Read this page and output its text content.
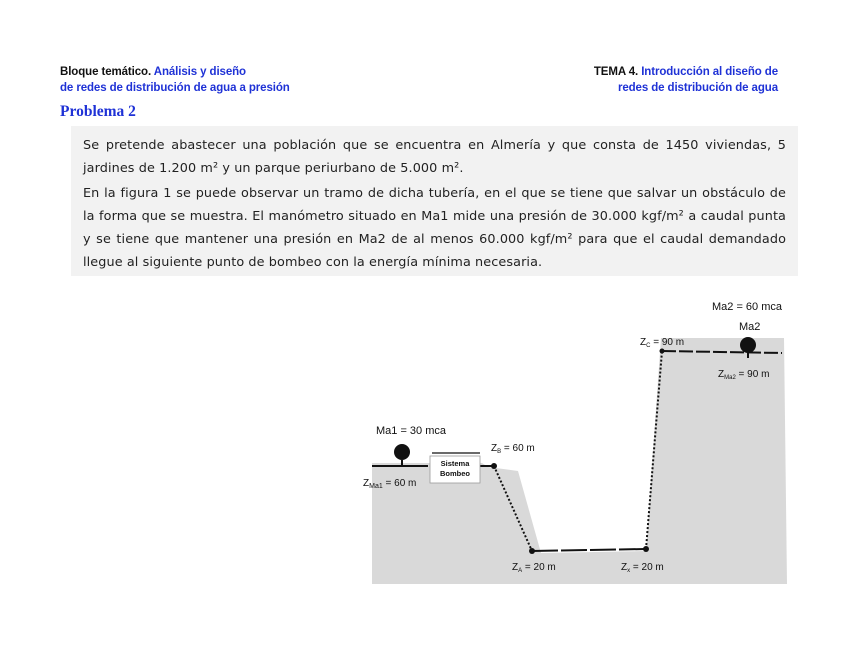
Bloque temático. Análisis y diseño
de redes de distribución de agua a presión
TEMA 4. Introducción al diseño de
redes de distribución de agua
Problema 2

Se pretende abastecer una población que se encuentra en Almería y que consta de 1450 viviendas, 5 jardines de 1.200 m² y un parque periurbano de 5.000 m².

En la figura 1 se puede observar un tramo de dicha tubería, en el que se tiene que salvar un obstáculo de la forma que se muestra. El manómetro situado en Ma1 mide una presión de 30.000 kgf/m² a caudal punta y se tiene que mantener una presión en Ma2 de al menos 60.000 kgf/m² para que el caudal demandado llegue al siguiente punto de bombeo con la energía mínima necesaria.

Sistema
Bombeo
Ma1 = 30 mca
Ma2 = 60 mca
Ma2
$Z_{Ma1} = 60$ m
$Z_B = 60$ m
$Z_A = 20$ m	$Z_x = 20$ m
$Z_C = 90$ m
$Z_{Ma2} = 90$ m
